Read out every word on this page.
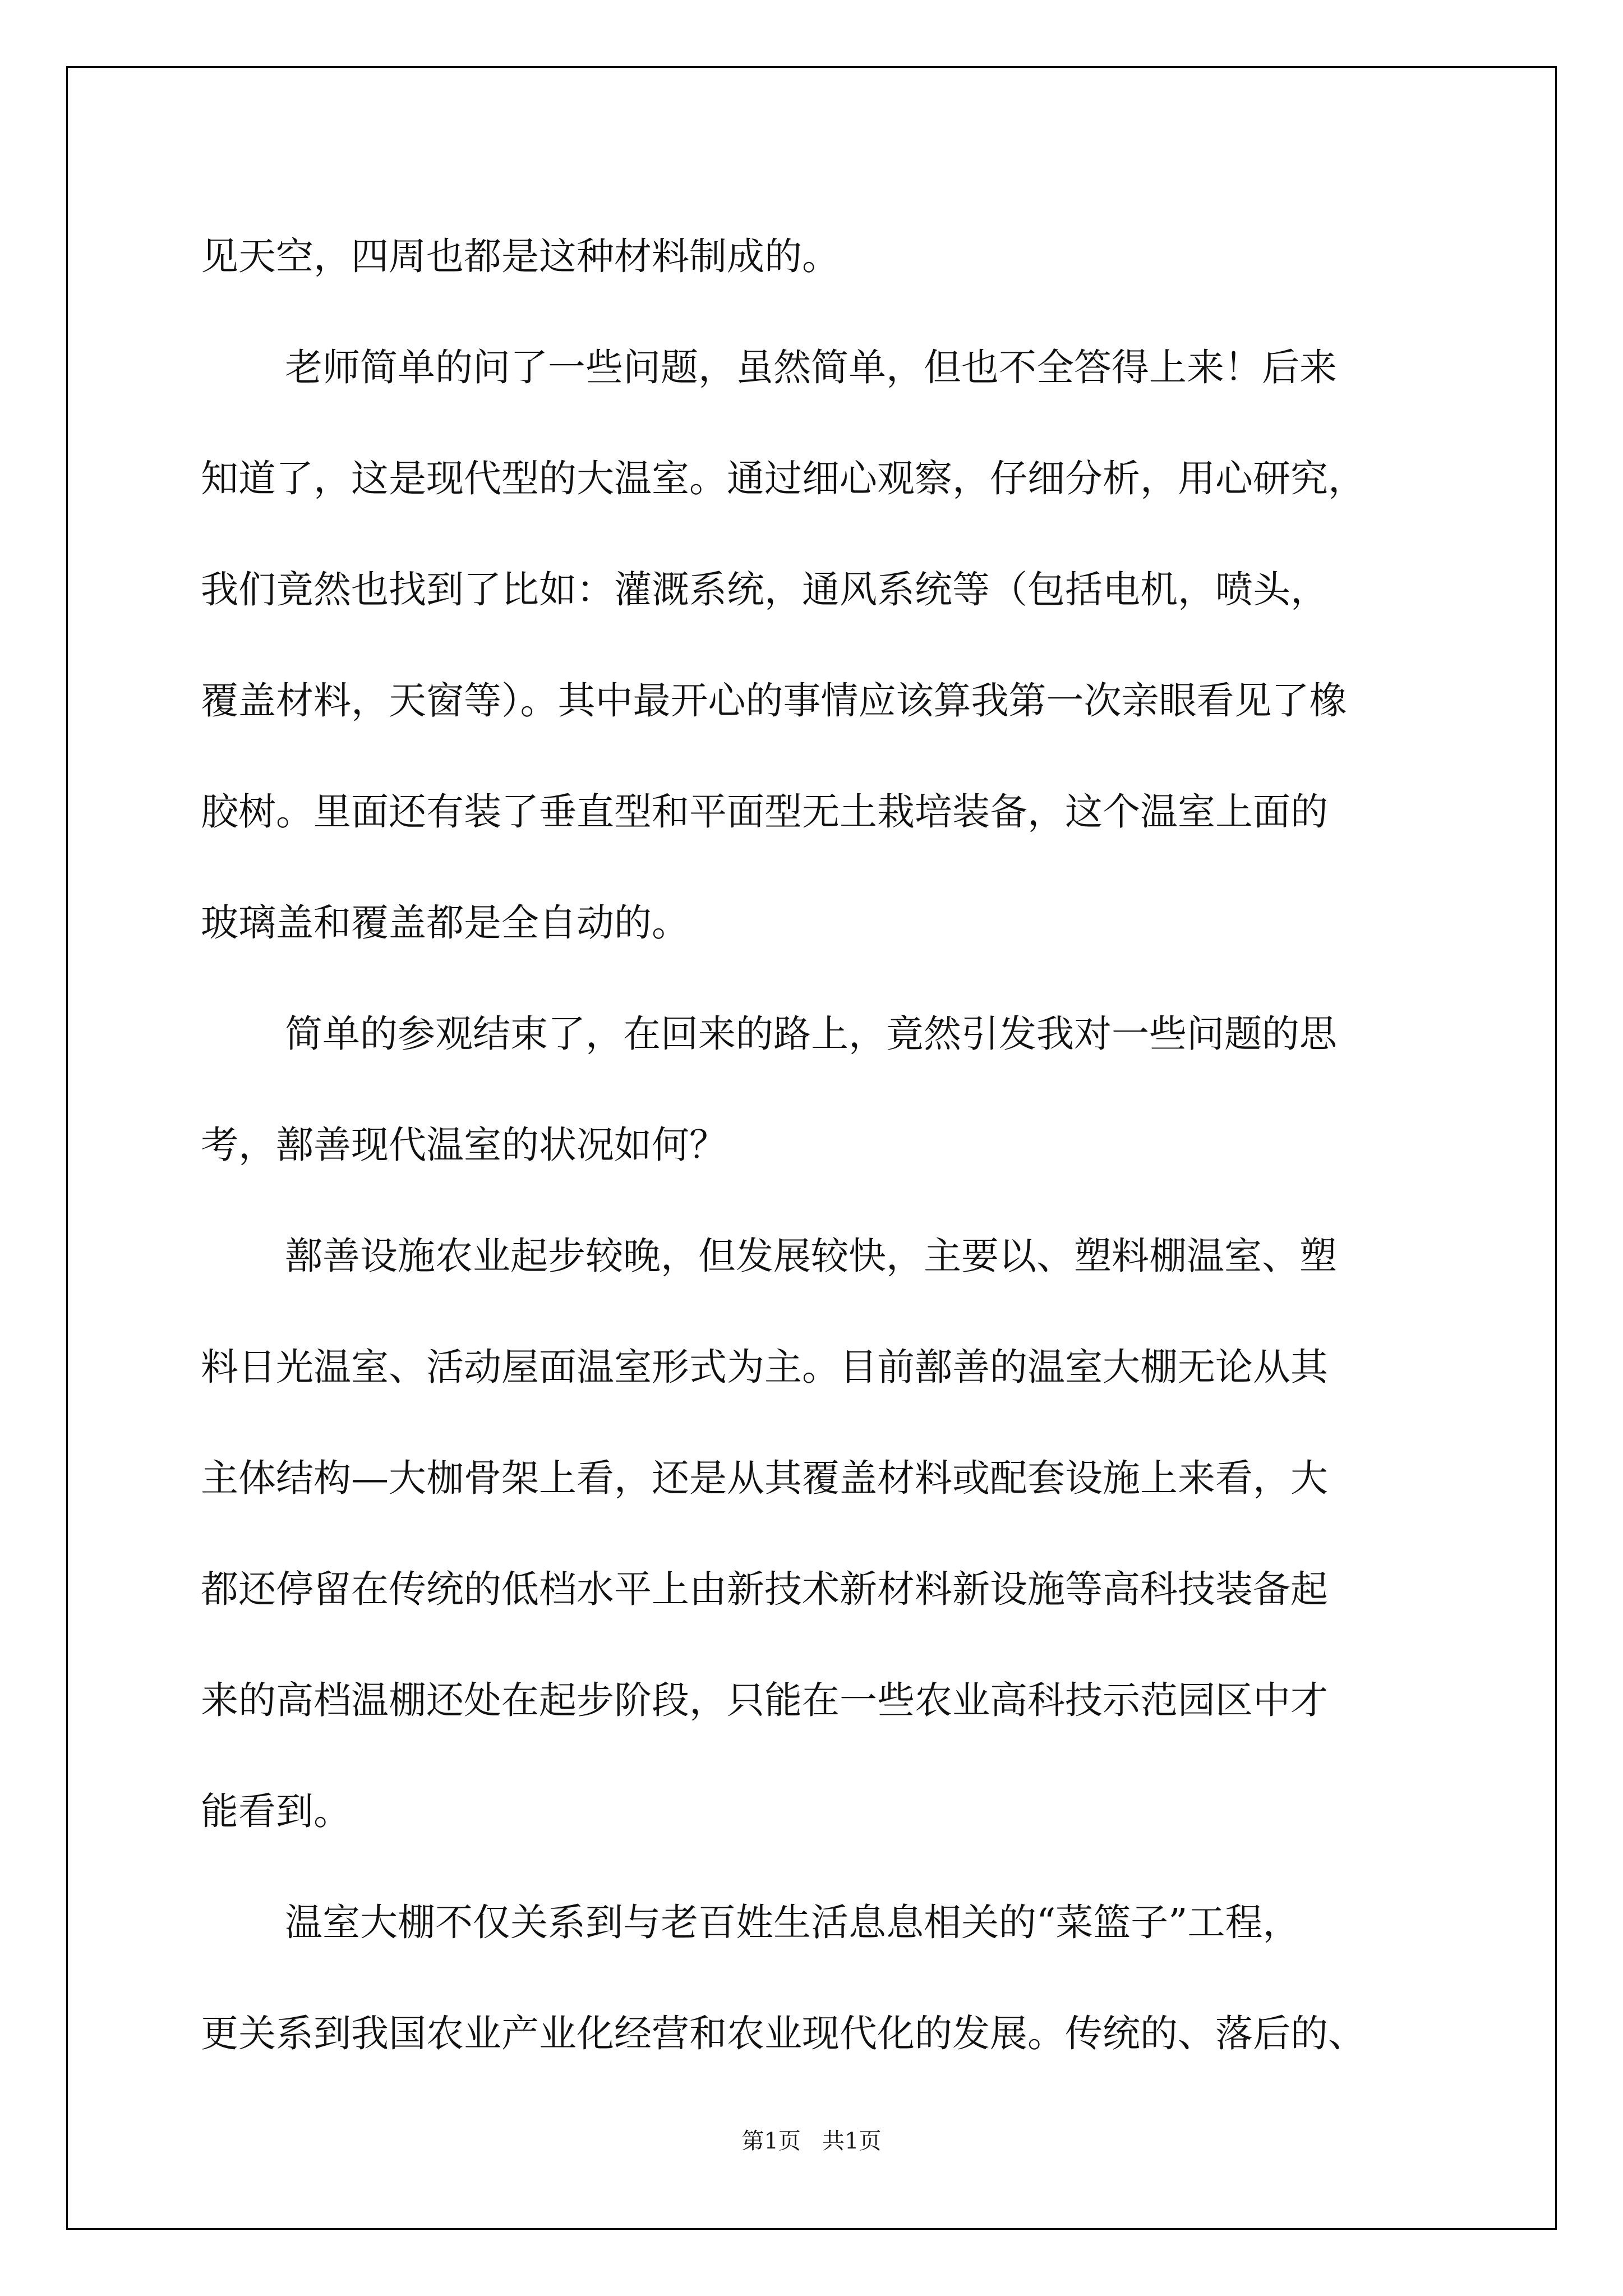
见天空，四周也都是这种材料制成的。
老师简单的问了一些问题，虽然简单，但也不全答得上来！后来
知道了，这是现代型的大温室。通过细心观察，仔细分析，用心研究，
我们竟然也找到了比如：灌溉系统，通风系统等（包括电机，喷头，
覆盖材料，天窗等）。其中最开心的事情应该算我第一次亲眼看见了橡
胶树。里面还有装了垂直型和平面型无土栽培装备，这个温室上面的
玻璃盖和覆盖都是全自动的。
简单的参观结束了，在回来的路上，竟然引发我对一些问题的思
考，鄯善现代温室的状况如何？
鄯善设施农业起步较晚，但发展较快，主要以、塑料棚温室、塑
料日光温室、活动屋面温室形式为主。目前鄯善的温室大棚无论从其
主体结构—大枷骨架上看，还是从其覆盖材料或配套设施上来看，大
都还停留在传统的低档水平上由新技术新材料新设施等高科技装备起
来的高档温棚还处在起步阶段，只能在一些农业高科技示范园区中才
能看到。
温室大棚不仅关系到与老百姓生活息息相关的“菜篮子”工程，
更关系到我国农业产业化经营和农业现代化的发展。传统的、落后的、
第1页   共1页
